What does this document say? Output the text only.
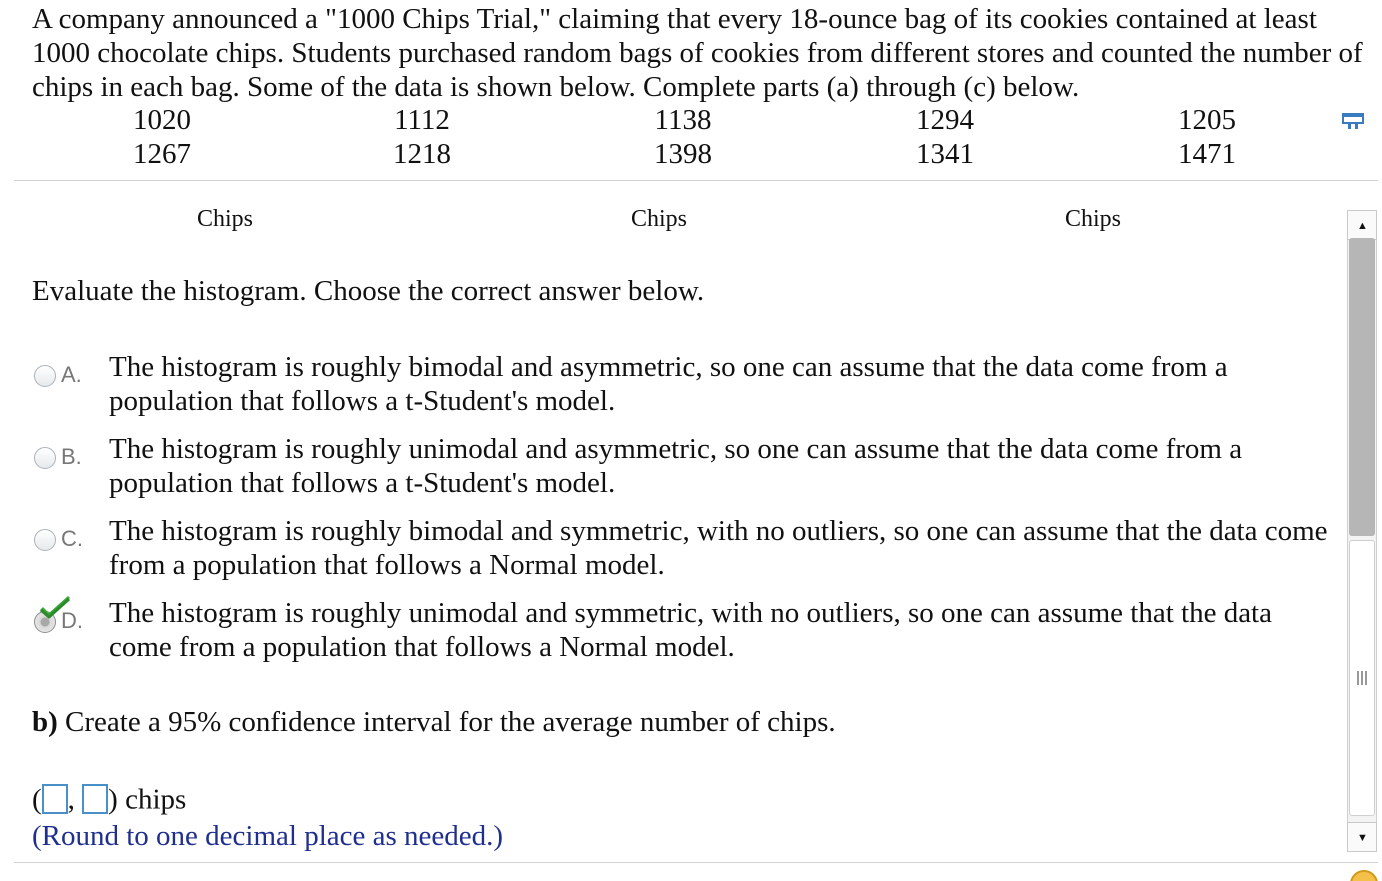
A company announced a "1000 Chips Trial," claiming that every 18-ounce bag of its cookies contained at least 1000 chocolate chips. Students purchased random bags of cookies from different stores and counted the number of chips in each bag. Some of the data is shown below. Complete parts (a) through (c) below.

1020	1112	1138	1294	1205
1267	1218	1398	1341	1471
Chips	Chips	Chips
Evaluate the histogram. Choose the correct answer below.
A. The histogram is roughly bimodal and asymmetric, so one can assume that the data come from a population that follows a t-Student's model.
B. The histogram is roughly unimodal and asymmetric, so one can assume that the data come from a population that follows a t-Student's model.
C. The histogram is roughly bimodal and symmetric, with no outliers, so one can assume that the data come from a population that follows a Normal model.
D. The histogram is roughly unimodal and symmetric, with no outliers, so one can assume that the data come from a population that follows a Normal model.
b) Create a 95% confidence interval for the average number of chips.
( , ) chips
(Round to one decimal place as needed.)
▲
▼
